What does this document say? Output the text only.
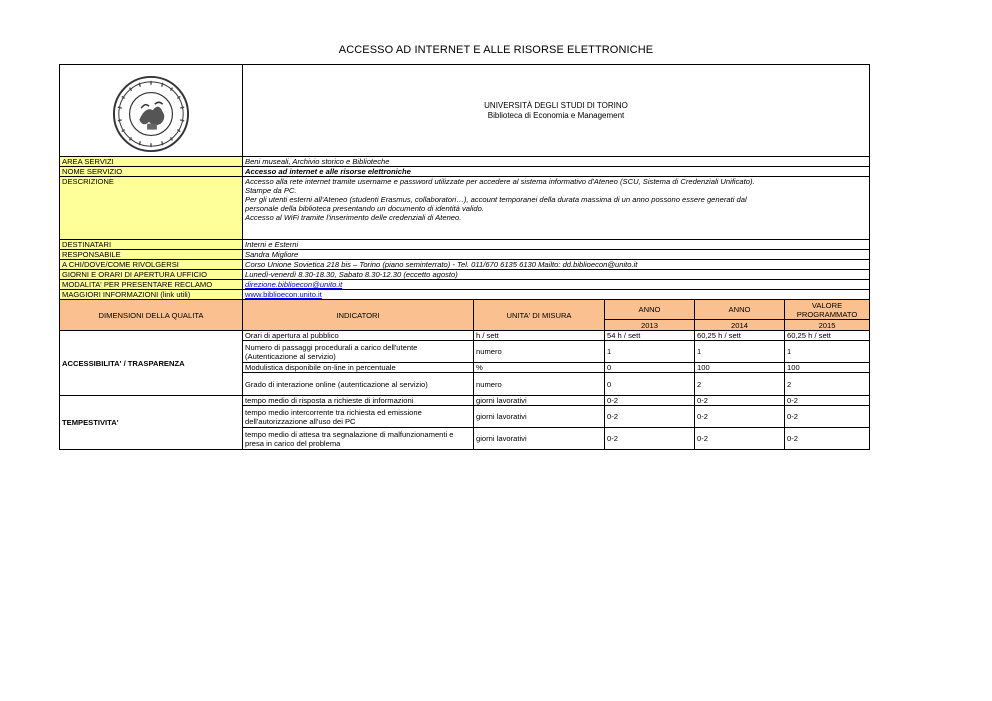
ACCESSO AD INTERNET E ALLE RISORSE ELETTRONICHE

UNIVERSITÀ DEGLI STUDI DI TORINO
Biblioteca di Economia e Management				

AREA SERVIZI	Beni museali, Archivio storico e Biblioteche				
NOME SERVIZIO	Accesso ad internet e alle risorse elettroniche				
DESCRIZIONE	Accesso alla rete internet tramite username e password utilizzate per accedere al sistema informativo d'Ateneo (SCU, Sistema di Credenziali Unificato).
Stampe da PC.
Per gli utenti esterni all'Ateneo (studenti Erasmus, collaboratori…), account temporanei della durata massima di un anno possono essere generati dal
personale della biblioteca presentando un documento di identità valido.
Accesso al WiFi tramite l'inserimento delle credenziali di Ateneo.				

DESTINATARI	Interni e Esterni				
RESPONSABILE	Sandra Migliore				
A CHI/DOVE/COME RIVOLGERSI	Corso Unione Sovietica 218 bis – Torino (piano seminterrato) - Tel. 011/670 6135 6130 Mailto: dd.biblioecon@unito.it				
GIORNI E ORARI DI APERTURA UFFICIO	Lunedì-venerdì 8.30-18.30, Sabato 8.30-12.30 (eccetto agosto)				
MODALITA' PER PRESENTARE RECLAMO	direzione.biblioecon@unito.it				
MAGGIORI INFORMAZIONI (link utili)	www.biblioecon.unito.it				
DIMENSIONI DELLA QUALITA	INDICATORI	UNITA' DI MISURA	ANNO	ANNO	VALORE PROGRAMMATO
			2013	2014	2015
ACCESSIBILITA' / TRASPARENZA	Orari di apertura al pubblico	h / sett	54 h / sett	60,25 h / sett	60,25 h / sett
	Numero di passaggi procedurali a carico dell'utente (Autenticazione al servizio)	numero	1	1	1
	Modulistica disponibile on-line in percentuale	%	0	100	100
	Grado di interazione online (autenticazione al servizio)	numero	0	2	2
TEMPESTIVITA'	tempo medio di risposta a richieste di informazioni	giorni lavorativi	0-2	0-2	0-2
	tempo medio intercorrente tra richiesta ed emissione dell'autorizzazione all'uso dei PC	giorni lavorativi	0-2	0-2	0-2
	tempo medio di attesa tra segnalazione di malfunzionamenti e presa in carico del problema	giorni lavorativi	0-2	0-2	0-2
